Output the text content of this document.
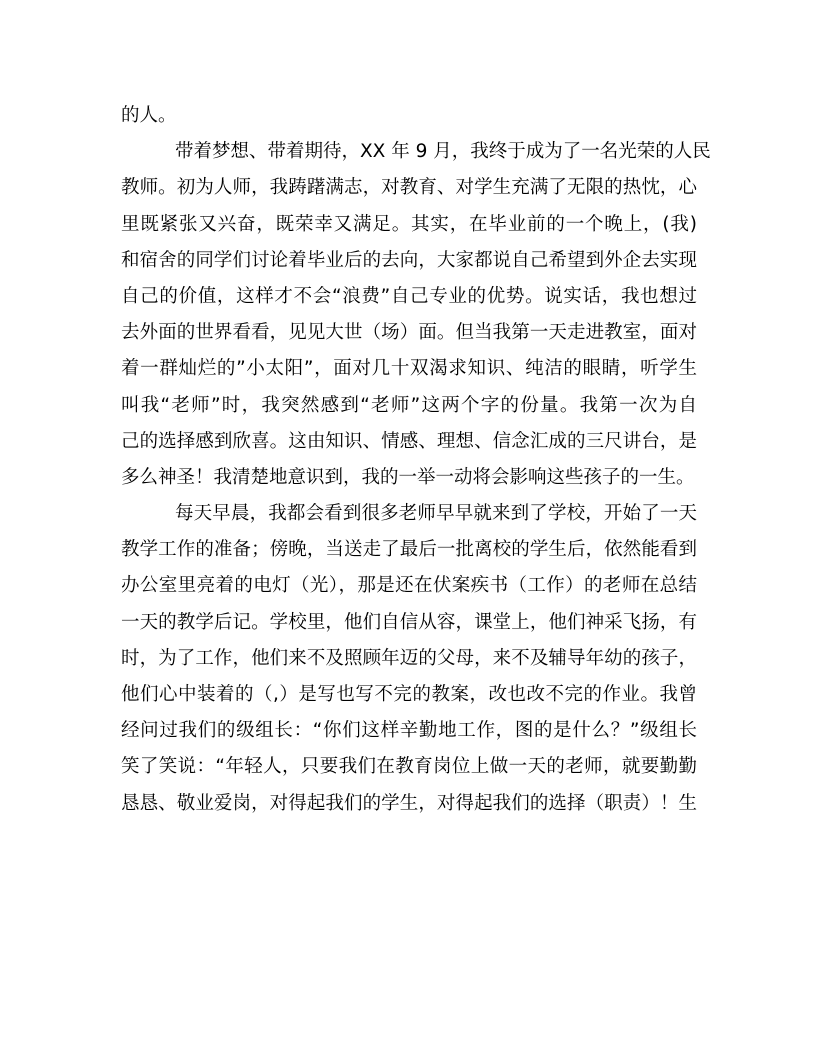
的人。
带着梦想、带着期待，XX 年 9 月，我终于成为了一名光荣的人民
教师。初为人师，我踌躇满志，对教育、对学生充满了无限的热忱，心
里既紧张又兴奋，既荣幸又满足。其实，在毕业前的一个晚上，(我)
和宿舍的同学们讨论着毕业后的去向，大家都说自己希望到外企去实现
自己的价值，这样才不会“浪费”自己专业的优势。说实话，我也想过
去外面的世界看看，见见大世（场）面。但当我第一天走进教室，面对
着一群灿烂的”小太阳”，面对几十双渴求知识、纯洁的眼睛，听学生
叫我“老师”时，我突然感到“老师”这两个字的份量。我第一次为自
己的选择感到欣喜。这由知识、情感、理想、信念汇成的三尺讲台，是
多么神圣！我清楚地意识到，我的一举一动将会影响这些孩子的一生。
每天早晨，我都会看到很多老师早早就来到了学校，开始了一天
教学工作的准备；傍晚，当送走了最后一批离校的学生后，依然能看到
办公室里亮着的电灯（光），那是还在伏案疾书（工作）的老师在总结
一天的教学后记。学校里，他们自信从容，课堂上，他们神采飞扬，有
时，为了工作，他们来不及照顾年迈的父母，来不及辅导年幼的孩子，
他们心中装着的（,）是写也写不完的教案，改也改不完的作业。我曾
经问过我们的级组长：“你们这样辛勤地工作，图的是什么？”级组长
笑了笑说：“年轻人，只要我们在教育岗位上做一天的老师，就要勤勤
恳恳、敬业爱岗，对得起我们的学生，对得起我们的选择（职责）！生
